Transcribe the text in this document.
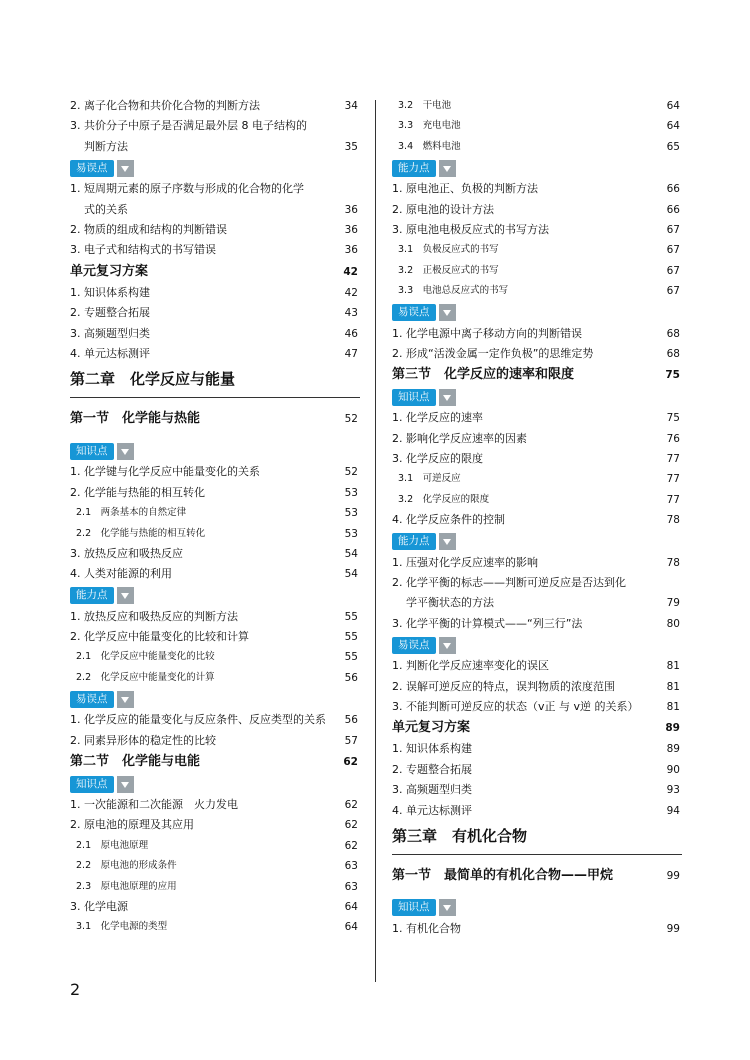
2. 离子化合物和共价化合物的判断方法	34
3. 共价分子中原子是否满足最外层 8 电子结构的
判断方法	35
易误点
1. 短周期元素的原子序数与形成的化合物的化学
式的关系	36
2. 物质的组成和结构的判断错误	36
3. 电子式和结构式的书写错误	36
单元复习方案	42
1. 知识体系构建	42
2. 专题整合拓展	43
3. 高频题型归类	46
4. 单元达标测评	47
第二章　化学反应与能量
第一节　化学能与热能	52
知识点
1. 化学键与化学反应中能量变化的关系	52
2. 化学能与热能的相互转化	53
2.1　两条基本的自然定律	53
2.2　化学能与热能的相互转化	53
3. 放热反应和吸热反应	54
4. 人类对能源的利用	54
能力点
1. 放热反应和吸热反应的判断方法	55
2. 化学反应中能量变化的比较和计算	55
2.1　化学反应中能量变化的比较	55
2.2　化学反应中能量变化的计算	56
易误点
1. 化学反应的能量变化与反应条件、反应类型的关系	56
2. 同素异形体的稳定性的比较	57
第二节　化学能与电能	62
知识点
1. 一次能源和二次能源　火力发电	62
2. 原电池的原理及其应用	62
2.1　原电池原理	62
2.2　原电池的形成条件	63
2.3　原电池原理的应用	63
3. 化学电源	64
3.1　化学电源的类型	64
3.2　干电池	64
3.3　充电电池	64
3.4　燃料电池	65
能力点
1. 原电池正、负极的判断方法	66
2. 原电池的设计方法	66
3. 原电池电极反应式的书写方法	67
3.1　负极反应式的书写	67
3.2　正极反应式的书写	67
3.3　电池总反应式的书写	67
易误点
1. 化学电源中离子移动方向的判断错误	68
2. 形成“活泼金属一定作负极”的思维定势	68
第三节　化学反应的速率和限度	75
知识点
1. 化学反应的速率	75
2. 影响化学反应速率的因素	76
3. 化学反应的限度	77
3.1　可逆反应	77
3.2　化学反应的限度	77
4. 化学反应条件的控制	78
能力点
1. 压强对化学反应速率的影响	78
2. 化学平衡的标志——判断可逆反应是否达到化
学平衡状态的方法	79
3. 化学平衡的计算模式——“列三行”法	80
易误点
1. 判断化学反应速率变化的误区	81
2. 误解可逆反应的特点，误判物质的浓度范围	81
3. 不能判断可逆反应的状态（v正 与 v逆 的关系）	81
单元复习方案	89
1. 知识体系构建	89
2. 专题整合拓展	90
3. 高频题型归类	93
4. 单元达标测评	94
第三章　有机化合物
第一节　最简单的有机化合物——甲烷	99
知识点
1. 有机化合物	99
2
